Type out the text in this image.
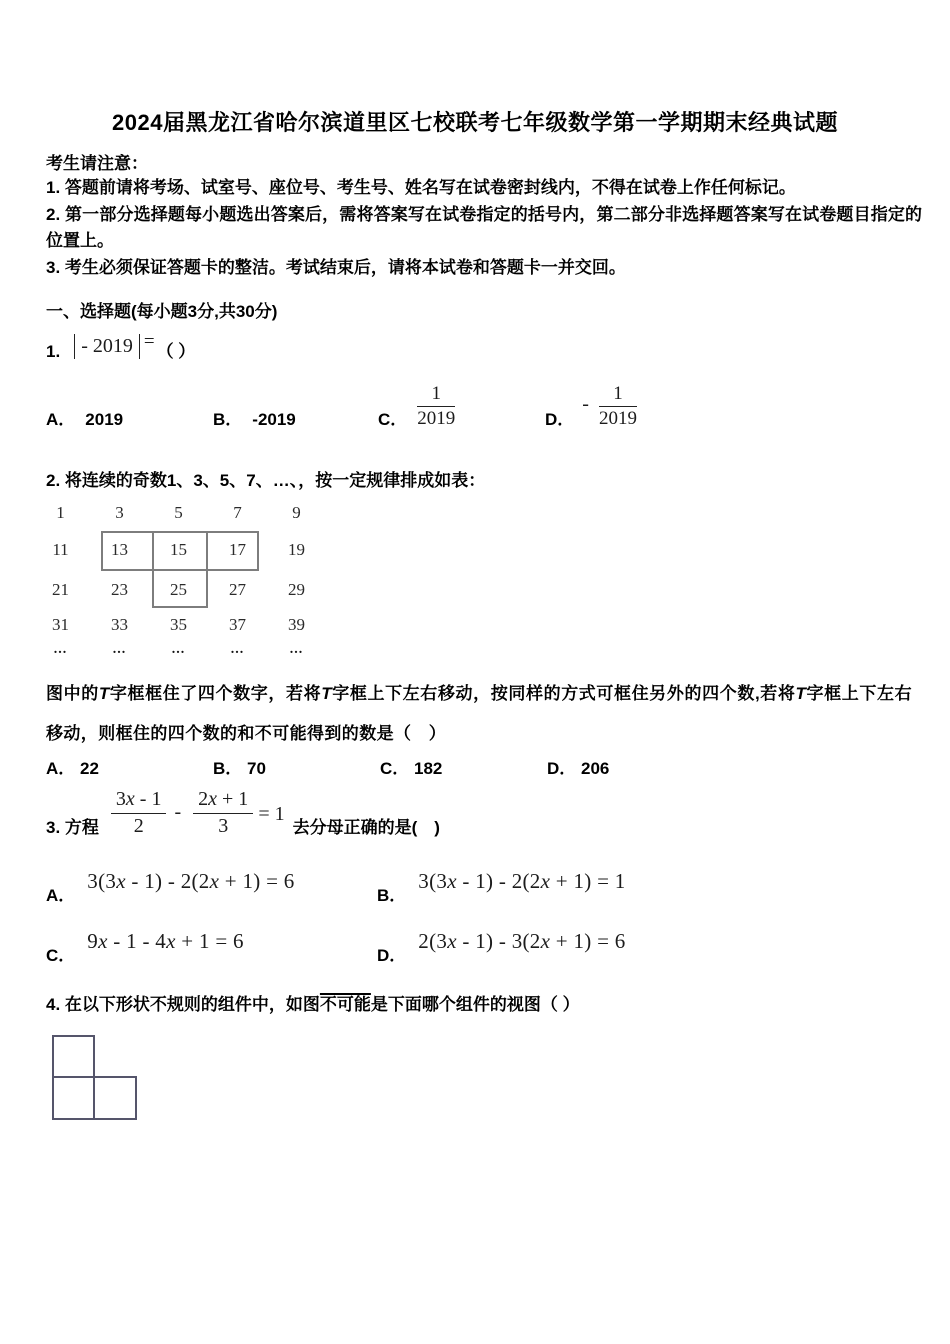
2024届黑龙江省哈尔滨道里区七校联考七年级数学第一学期期末经典试题
考生请注意：

1. 答题前请将考场、试室号、座位号、考生号、姓名写在试卷密封线内，不得在试卷上作任何标记。

2. 第一部分选择题每小题选出答案后，需将答案写在试卷指定的括号内，第二部分非选择题答案写在试卷题目指定的位置上。

3. 考生必须保证答题卡的整洁。考试结束后，请将本试卷和答题卡一并交回。

一、选择题(每小题3分,共30分)
1.	- 2019 = （ ）
A． 2019	B． -2019	C． $\frac{1}{2019}$	D．
- $\frac{1}{2019}$
2. 将连续的奇数1、3、5、7、…、，按一定规律排成如表：
1	3	5	7	9
11	13	15	17	19
21	23	25	27	29
31	33	35	37	39
...	...	...	...	...

图中的T字框框住了四个数字，若将T字框上下左右移动，按同样的方式可框住另外的四个数,若将T字框上下左右移动，则框住的四个数的和不可能得到的数是（　）

A． 22	B． 70	C． 182	D． 206
3. 方程 $\frac{3x - 1}{2} - \frac{2x + 1}{3} = 1$
去分母正确的是(　)
A．
3(3x - 1) - 2(2x + 1) = 6
B．
3(3x - 1) - 2(2x + 1) = 1
C．
9x - 1 - 4x + 1 = 6
D．
2(3x - 1) - 3(2x + 1) = 6
4. 在以下形状不规则的组件中，如图不可能是下面哪个组件的视图（ ）
